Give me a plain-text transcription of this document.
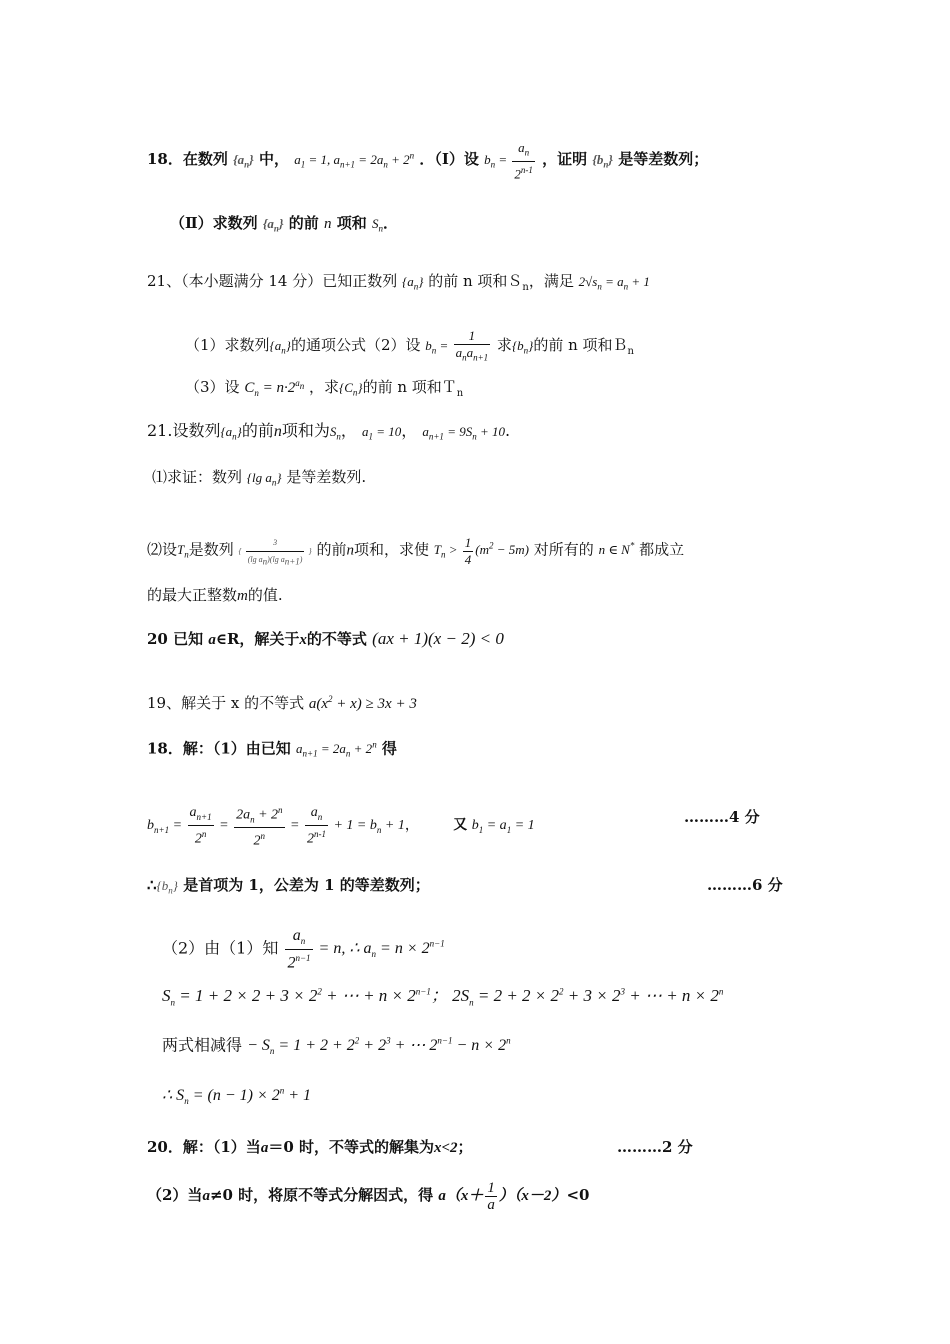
18．在数列 $\{a_n\}$ 中， $a_1 = 1$, $a_{n+1} = 2a_n + 2^n$ ．（Ⅰ）设 $b_n = \frac{a_n}{2^{n-1}}$ ，证明 $\{b_n\}$ 是等差数列；
（Ⅱ）求数列 $\{a_n\}$ 的前 n 项和 $S_n$．
21、（本小题满分 14 分）已知正数列 $\{a_n\}$ 的前 n 项和Ｓ$_n$，满足 $2√s_n = a_n + 1$
（1）求数列$\{a_n\}$的通项公式（2）设 $b_n = \frac{1}{a_na_{n+1}}$ 求$\{b_n\}$的前 n 项和Ｂ$_n$
（3）设 $C_n = n\cdot 2^{a_n}$ ，求$\{C_n\}$的前 n 项和Ｔ$_n$
21.设数列$\{a_n\}$的前n项和为$S_n$， $a_1 = 10$， $a_{n+1} = 9S_n + 10$.
⑴求证：数列 {lg $a_n$} 是等差数列.
⑵设$T_n$是数列 { $\frac{3}{(\lg a_n)(\lg a_{n+1})}$ } 的前n项和，求使 $T_n > \frac{1}{4} (m^2 - 5m)$ 对所有的 n ∈ N* 都成立
的最大正整数m的值.
20 已知 a∈R，解关于x的不等式 (ax + 1)(x − 2) < 0
19、解关于 x 的不等式 $a(x^2 + x) \ge 3x + 3$
18．解：（1）由已知 $a_{n+1} = 2a_n + 2^n$ 得
$b_{n+1} = \frac{a_{n+1}}{2^n} = \frac{2a_n + 2^n}{2^n} = \frac{a_n}{2^{n-1}} + 1 = b_n + 1$， 又 $b_1 = a_1 = 1$	………4 分
$\therefore\{b_n\}$ 是首项为 1，公差为 1 的等差数列；	………6 分
（2）由（1）知 $\frac{a_n}{2^{n-1}} = n$, ∴ $a_n = n \times 2^{n-1}$
$S_n = 1 + 2 \times 2 + 3 \times 2^2$ + ⋯ + $n \times 2^{n-1}$； $2S_n = 2 + 2 \times 2^2 + 3 \times 2^3$ + ⋯ + $n \times 2^n$
两式相减得 − $S_n = 1 + 2 + 2^2 + 2^3$ + ⋯ $2^{n-1} - n \times 2^n$
∴ $S_n = (n - 1) \times 2^n + 1$
20．解：（1）当a＝0 时，不等式的解集为x<2；	………2 分
（2）当a≠0 时，将原不等式分解因式，得 $a(x+ \frac{1}{a} )(x-2)<0$
